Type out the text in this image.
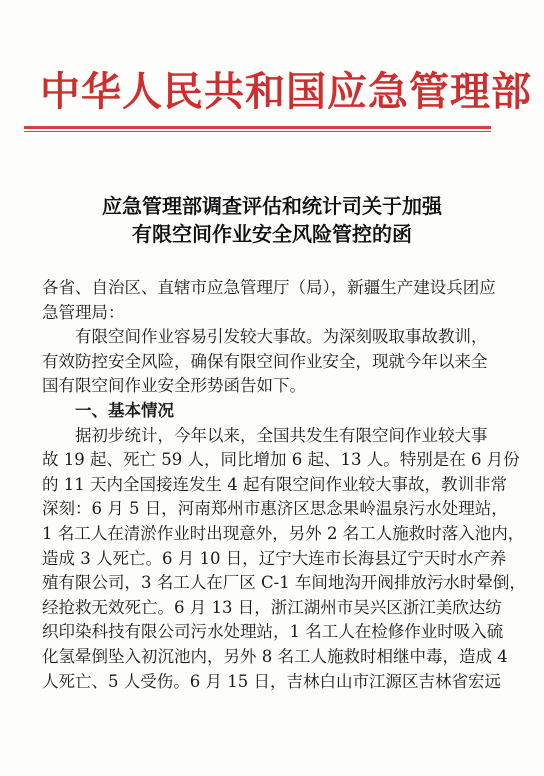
中华人民共和国应急管理部
应急管理部调查评估和统计司关于加强
有限空间作业安全风险管控的函
各省、自治区、直辖市应急管理厅（局），新疆生产建设兵团应
急管理局：
有限空间作业容易引发较大事故。为深刻吸取事故教训，
有效防控安全风险，确保有限空间作业安全，现就今年以来全
国有限空间作业安全形势函告如下。
一、基本情况
据初步统计，今年以来，全国共发生有限空间作业较大事
故 19 起、死亡 59 人，同比增加 6 起、13 人。特别是在 6 月份
的 11 天内全国接连发生 4 起有限空间作业较大事故，教训非常
深刻：6 月 5 日，河南郑州市惠济区思念果岭温泉污水处理站，
1 名工人在清淤作业时出现意外，另外 2 名工人施救时落入池内，
造成 3 人死亡。6 月 10 日，辽宁大连市长海县辽宁天时水产养
殖有限公司，3 名工人在厂区 C-1 车间地沟开阀排放污水时晕倒，
经抢救无效死亡。6 月 13 日，浙江湖州市吴兴区浙江美欣达纺
织印染科技有限公司污水处理站，1 名工人在检修作业时吸入硫
化氢晕倒坠入初沉池内，另外 8 名工人施救时相继中毒，造成 4
人死亡、5 人受伤。6 月 15 日，吉林白山市江源区吉林省宏远
